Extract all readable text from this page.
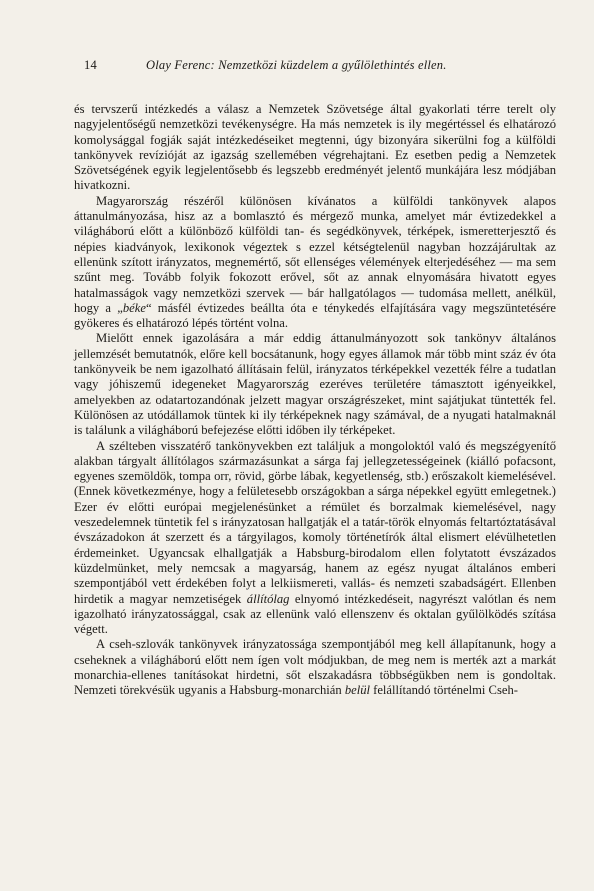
14	Olay Ferenc: Nemzetközi küzdelem a gyűlölethintés ellen.

és tervszerű intézkedés a válasz a Nemzetek Szövetsége által gyakorlati térre terelt oly nagyjelentőségű nemzetközi tevékenységre. Ha más nemzetek is ily megértéssel és elhatározó komolysággal fogják saját intézkedéseiket megtenni, úgy bizonyára sikerülni fog a külföldi tankönyvek revízióját az igazság szellemében végrehajtani. Ez esetben pedig a Nemzetek Szövetségének egyik legjelentősebb és legszebb eredményét jelentő munkájára lesz módjában hivatkozni.

Magyarország részéről különösen kívánatos a külföldi tankönyvek alapos áttanulmányozása, hisz az a bomlasztó és mérgező munka, amelyet már évtizedekkel a világháború előtt a különböző külföldi tan- és segédkönyvek, térképek, ismeretterjesztő és népies kiadványok, lexikonok végeztek s ezzel kétségtelenül nagyban hozzájárultak az ellenünk szított irányzatos, megnemértő, sőt ellenséges vélemények elterjedéséhez — ma sem szűnt meg. Tovább folyik fokozott erővel, sőt az annak elnyomására hivatott egyes hatalmasságok vagy nemzetközi szervek — bár hallgatólagos — tudomása mellett, anélkül, hogy a „béke“ másfél évtizedes beállta óta e ténykedés elfajítására vagy megszüntetésére gyökeres és elhatározó lépés történt volna.

Mielőtt ennek igazolására a már eddig áttanulmányozott sok tankönyv általános jellemzését bemutatnók, előre kell bocsátanunk, hogy egyes államok már több mint száz év óta tankönyveik be nem igazolható állításain felül, irányzatos térképekkel vezették félre a tudatlan vagy jóhiszemű idegeneket Magyarország ezeréves területére támasztott igényeikkel, amelyekben az odatartozandónak jelzett magyar országrészeket, mint sajátjukat tüntették fel. Különösen az utódállamok tüntek ki ily térképeknek nagy számával, de a nyugati hatalmaknál is találunk a világháború befejezése előtti időben ily térképeket.

A szélteben visszatérő tankönyvekben ezt találjuk a mongoloktól való és megszégyenítő alakban tárgyalt állítólagos származásunkat a sárga faj jellegzetességeinek (kiálló pofacsont, egyenes szemöldök, tompa orr, rövid, görbe lábak, kegyetlenség, stb.) erőszakolt kiemelésével. (Ennek következménye, hogy a felületesebb országokban a sárga népekkel együtt emlegetnek.) Ezer év előtti európai megjelenésünket a rémület és borzalmak kiemelésével, nagy veszedelemnek tüntetik fel s irányzatosan hallgatják el a tatár-török elnyomás feltartóztatásával évszázadokon át szerzett és a tárgyilagos, komoly történetírók által elismert elévülhetetlen érdemeinket. Ugyancsak elhallgatják a Habsburg-birodalom ellen folytatott évszázados küzdelmünket, mely nemcsak a magyarság, hanem az egész nyugat általános emberi szempontjából vett érdekében folyt a lelkiismereti, vallás- és nemzeti szabadságért. Ellenben hirdetik a magyar nemzetiségek állítólag elnyomó intézkedéseit, nagyrészt valótlan és nem igazolható irányzatossággal, csak az ellenünk való ellenszenv és oktalan gyűlölködés szítása végett.

A cseh-szlovák tankönyvek irányzatossága szempontjából meg kell állapítanunk, hogy a cseheknek a világháború előtt nem ígen volt módjukban, de meg nem is merték azt a markát monarchia-ellenes tanításokat hirdetni, sőt elszakadásra többségükben nem is gondoltak. Nemzeti törekvésük ugyanis a Habsburg-monarchián belül felállítandó történelmi Cseh-
